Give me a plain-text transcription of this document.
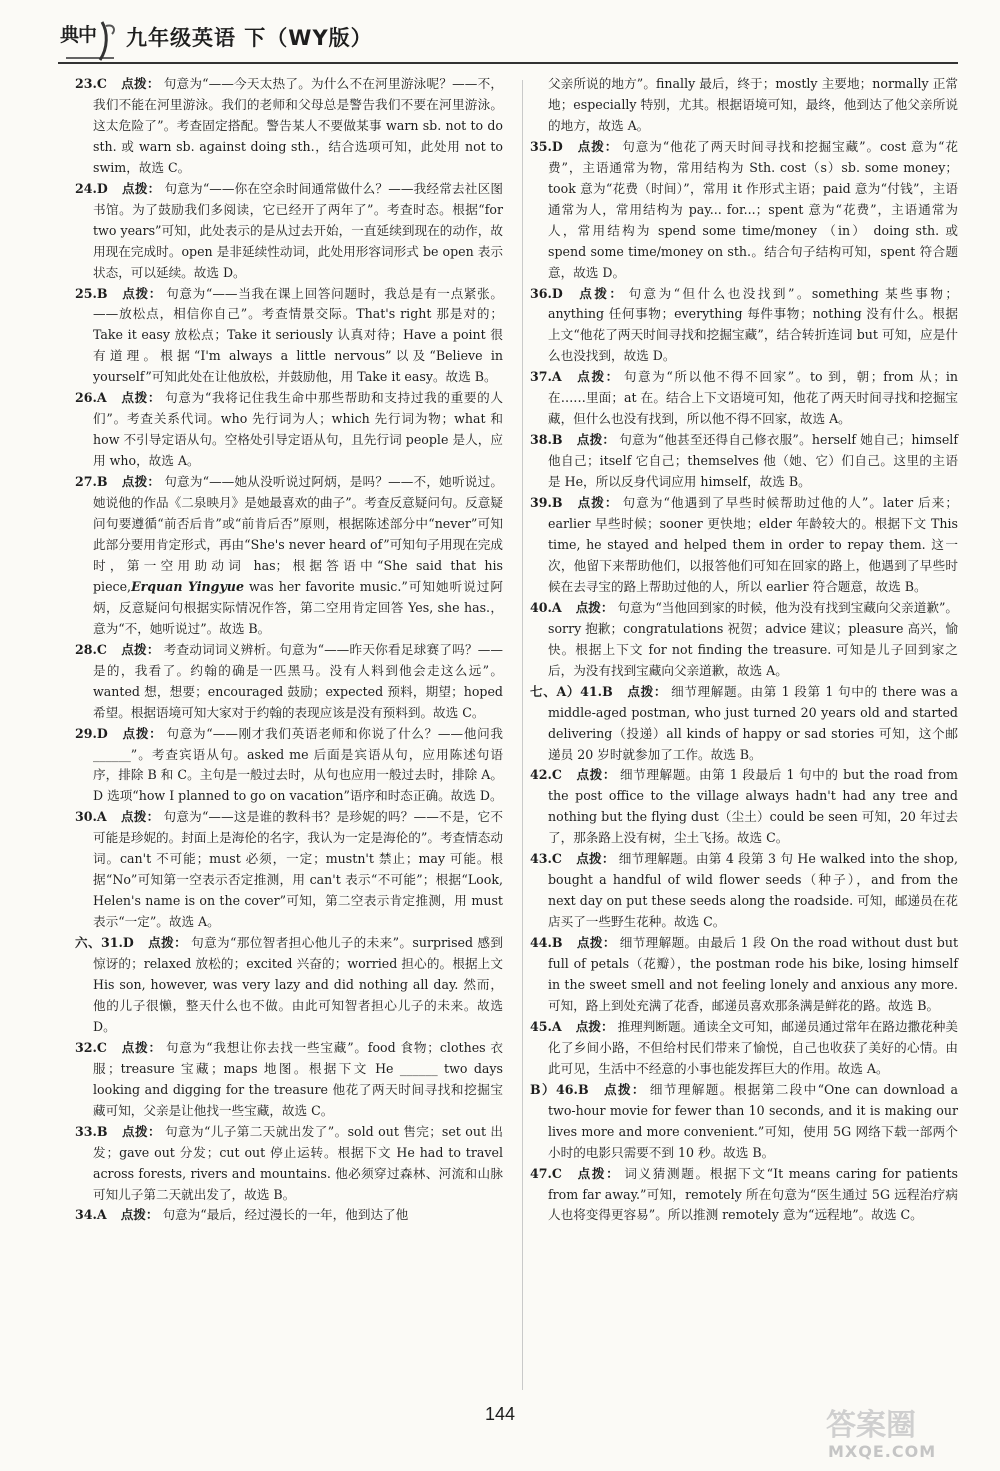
典中 九年级英语 下（WY版）

23.C 点拨： 句意为“——今天太热了。为什么不在河里游泳呢？——不，我们不能在河里游泳。我们的老师和父母总是警告我们不要在河里游泳。这太危险了”。考查固定搭配。警告某人不要做某事 warn sb. not to do sth. 或 warn sb. against doing sth.，结合选项可知，此处用 not to swim，故选 C。

24.D 点拨： 句意为“——你在空余时间通常做什么？——我经常去社区图书馆。为了鼓励我们多阅读，它已经开了两年了”。考查时态。根据“for two years”可知，此处表示的是从过去开始，一直延续到现在的动作，故用现在完成时。open 是非延续性动词，此处用形容词形式 be open 表示状态，可以延续。故选 D。

25.B 点拨： 句意为“——当我在课上回答问题时，我总是有一点紧张。——放松点，相信你自己”。考查情景交际。That's right 那是对的；Take it easy 放松点；Take it seriously 认真对待；Have a point 很有道理。根据“I'm always a little nervous”以及“Believe in yourself”可知此处在让他放松，并鼓励他，用 Take it easy。故选 B。

26.A 点拨： 句意为“我将记住我生命中那些帮助和支持过我的重要的人们”。考查关系代词。who 先行词为人；which 先行词为物；what 和 how 不引导定语从句。空格处引导定语从句，且先行词 people 是人，应用 who，故选 A。

27.B 点拨： 句意为“——她从没听说过阿炳，是吗？——不，她听说过。她说他的作品《二泉映月》是她最喜欢的曲子”。考查反意疑问句。反意疑问句要遵循“前否后肯”或“前肯后否”原则，根据陈述部分中“never”可知此部分要用肯定形式，再由“She's never heard of”可知句子用现在完成时，第一空用助动词 has；根据答语中“She said that his piece,Erquan Yingyue was her favorite music.”可知她听说过阿炳，反意疑问句根据实际情况作答，第二空用肯定回答 Yes, she has.，意为“不，她听说过”。故选 B。

28.C 点拨： 考查动词词义辨析。句意为“——昨天你看足球赛了吗？——是的，我看了。约翰的确是一匹黑马。没有人料到他会走这么远”。wanted 想，想要；encouraged 鼓励；expected 预料，期望；hoped 希望。根据语境可知大家对于约翰的表现应该是没有预料到。故选 C。

29.D 点拨： 句意为“——刚才我们英语老师和你说了什么？——他问我______”。考查宾语从句。asked me 后面是宾语从句，应用陈述句语序，排除 B 和 C。主句是一般过去时，从句也应用一般过去时，排除 A。D 选项“how I planned to go on vacation”语序和时态正确。故选 D。

30.A 点拨： 句意为“——这是谁的教科书？是珍妮的吗？——不是，它不可能是珍妮的。封面上是海伦的名字，我认为一定是海伦的”。考查情态动词。can't 不可能；must 必须，一定；mustn't 禁止；may 可能。根据“No”可知第一空表示否定推测，用 can't 表示“不可能”；根据“Look, Helen's name is on the cover”可知，第二空表示肯定推测，用 must 表示“一定”。故选 A。

六、31.D 点拨： 句意为“那位智者担心他儿子的未来”。surprised 感到惊讶的；relaxed 放松的；excited 兴奋的；worried 担心的。根据上文 His son, however, was very lazy and did nothing all day. 然而，他的儿子很懒，整天什么也不做。由此可知智者担心儿子的未来。故选 D。

32.C 点拨： 句意为“我想让你去找一些宝藏”。food 食物；clothes 衣服；treasure 宝藏；maps 地图。根据下文 He ______ two days looking and digging for the treasure 他花了两天时间寻找和挖掘宝藏可知，父亲是让他找一些宝藏，故选 C。

33.B 点拨： 句意为“儿子第二天就出发了”。sold out 售完；set out 出发；gave out 分发；cut out 停止运转。根据下文 He had to travel across forests, rivers and mountains. 他必须穿过森林、河流和山脉可知儿子第二天就出发了，故选 B。

34.A 点拨： 句意为“最后，经过漫长的一年，他到达了他

父亲所说的地方”。finally 最后，终于；mostly 主要地；normally 正常地；especially 特别，尤其。根据语境可知，最终，他到达了他父亲所说的地方，故选 A。

35.D 点拨： 句意为“他花了两天时间寻找和挖掘宝藏”。cost 意为“花费”，主语通常为物，常用结构为 Sth. cost（s）sb. some money；took 意为“花费（时间）”，常用 it 作形式主语；paid 意为“付钱”，主语通常为人，常用结构为 pay... for...；spent 意为“花费”，主语通常为人，常用结构为 spend some time/money （in） doing sth. 或 spend some time/money on sth.。结合句子结构可知，spent 符合题意，故选 D。

36.D 点拨： 句意为“但什么也没找到”。something 某些事物；anything 任何事物；everything 每件事物；nothing 没有什么。根据上文“他花了两天时间寻找和挖掘宝藏”，结合转折连词 but 可知，应是什么也没找到，故选 D。

37.A 点拨： 句意为“所以他不得不回家”。to 到，朝；from 从；in 在……里面；at 在。结合上下文语境可知，他花了两天时间寻找和挖掘宝藏，但什么也没有找到，所以他不得不回家，故选 A。

38.B 点拨： 句意为“他甚至还得自己修衣服”。herself 她自己；himself 他自己；itself 它自己；themselves 他（她、它）们自己。这里的主语是 He，所以反身代词应用 himself，故选 B。

39.B 点拨： 句意为“他遇到了早些时候帮助过他的人”。later 后来；earlier 早些时候；sooner 更快地；elder 年龄较大的。根据下文 This time, he stayed and helped them in order to repay them. 这一次，他留下来帮助他们，以报答他们可知在回家的路上，他遇到了早些时候在去寻宝的路上帮助过他的人，所以 earlier 符合题意，故选 B。

40.A 点拨： 句意为“当他回到家的时候，他为没有找到宝藏向父亲道歉”。sorry 抱歉；congratulations 祝贺；advice 建议；pleasure 高兴，愉快。根据上下文 for not finding the treasure. 可知是儿子回到家之后，为没有找到宝藏向父亲道歉，故选 A。

七、A）41.B 点拨： 细节理解题。由第 1 段第 1 句中的 there was a middle-aged postman, who just turned 20 years old and started delivering（投递）all kinds of happy or sad stories 可知，这个邮递员 20 岁时就参加了工作。故选 B。

42.C 点拨： 细节理解题。由第 1 段最后 1 句中的 but the road from the post office to the village always hadn't had any tree and nothing but the flying dust（尘土）could be seen 可知，20 年过去了，那条路上没有树，尘土飞扬。故选 C。

43.C 点拨： 细节理解题。由第 4 段第 3 句 He walked into the shop, bought a handful of wild flower seeds（种子），and from the next day on put these seeds along the roadside. 可知，邮递员在花店买了一些野生花种。故选 C。

44.B 点拨： 细节理解题。由最后 1 段 On the road without dust but full of petals（花瓣），the postman rode his bike, losing himself in the sweet smell and not feeling lonely and anxious any more. 可知，路上到处充满了花香，邮递员喜欢那条满是鲜花的路。故选 B。

45.A 点拨： 推理判断题。通读全文可知，邮递员通过常年在路边撒花种美化了乡间小路，不但给村民们带来了愉悦，自己也收获了美好的心情。由此可见，生活中不经意的小事也能发挥巨大的作用。故选 A。

B）46.B 点拨： 细节理解题。根据第二段中“One can download a two-hour movie for fewer than 10 seconds, and it is making our lives more and more convenient.”可知，使用 5G 网络下载一部两个小时的电影只需要不到 10 秒。故选 B。

47.C 点拨： 词义猜测题。根据下文“It means caring for patients from far away.”可知，remotely 所在句意为“医生通过 5G 远程治疗病人也将变得更容易”。所以推测 remotely 意为“远程地”。故选 C。

144	答案圈
MXQE.COM
